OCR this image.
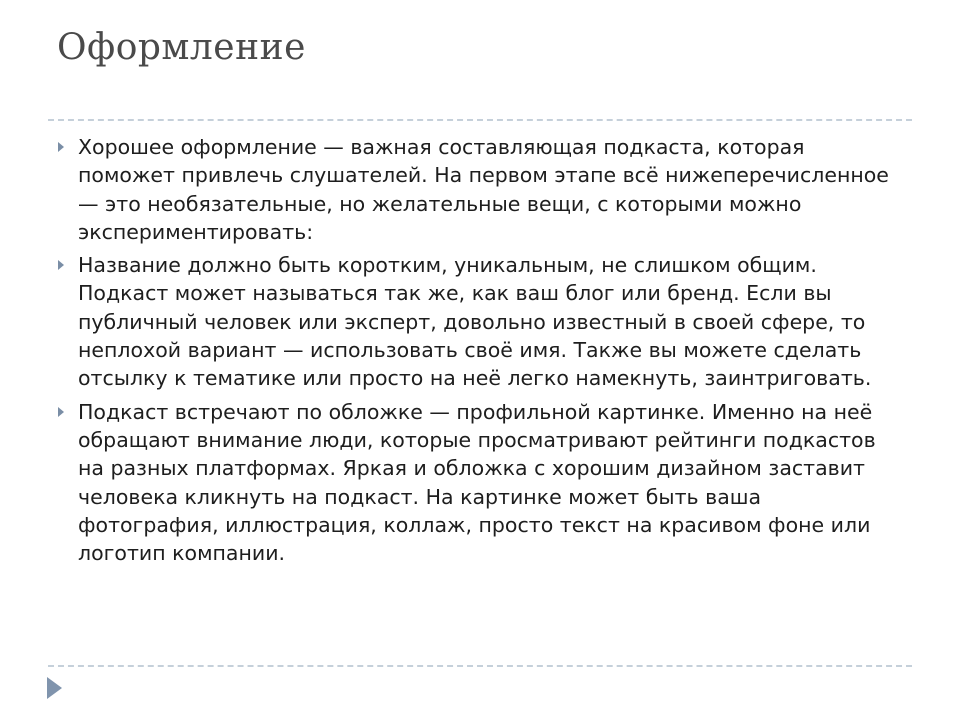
Оформление
Хорошее оформление — важная составляющая подкаста, которая поможет привлечь слушателей. На первом этапе всё нижеперечисленное — это необязательные, но желательные вещи, с которыми можно экспериментировать:
Название должно быть коротким, уникальным, не слишком общим. Подкаст может называться так же, как ваш блог или бренд. Если вы публичный человек или эксперт, довольно известный в своей сфере, то неплохой вариант — использовать своё имя. Также вы можете сделать отсылку к тематике или просто на неё легко намекнуть, заинтриговать.
Подкаст встречают по обложке — профильной картинке. Именно на неё обращают внимание люди, которые просматривают рейтинги подкастов на разных платформах. Яркая и обложка с хорошим дизайном заставит человека кликнуть на подкаст. На картинке может быть ваша фотография, иллюстрация, коллаж, просто текст на красивом фоне или логотип компании.
